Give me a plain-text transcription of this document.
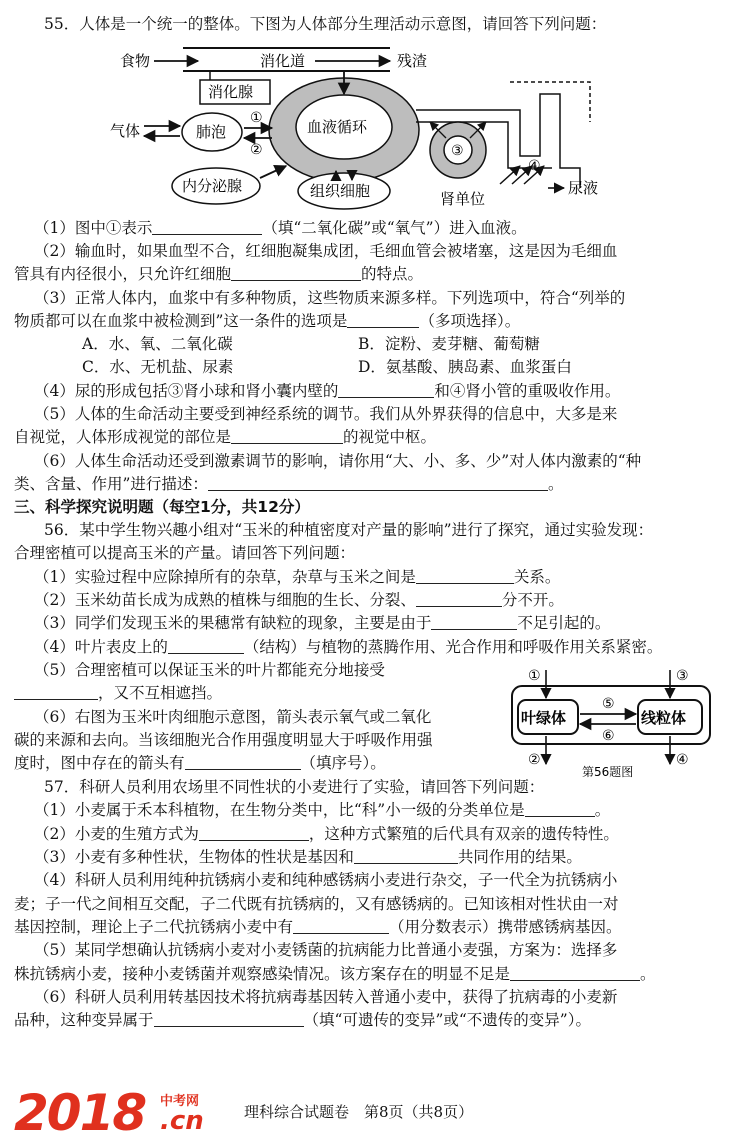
55．人体是一个统一的整体。下图为人体部分生理活动示意图，请回答下列问题：
食物	消化道	残渣
消化腺
血液循环
气体	肺泡
①
②
内分泌腺	组织细胞
③
④
肾单位
尿液
（1）图中①表示	（填“二氧化碳”或“氧气”）进入血液。
（2）输血时，如果血型不合，红细胞凝集成团，毛细血管会被堵塞，这是因为毛细血
管具有内径很小，只允许红细胞	的特点。
（3）正常人体内，血浆中有多种物质，这些物质来源多样。下列选项中，符合“列举的
物质都可以在血浆中被检测到”这一条件的选项是	（多项选择）。
A．水、氧、二氧化碳	B．淀粉、麦芽糖、葡萄糖
C．水、无机盐、尿素	D．氨基酸、胰岛素、血浆蛋白
（4）尿的形成包括③肾小球和肾小囊内壁的	和④肾小管的重吸收作用。
（5）人体的生命活动主要受到神经系统的调节。我们从外界获得的信息中，大多是来
自视觉，人体形成视觉的部位是	的视觉中枢。
（6）人体生命活动还受到激素调节的影响，请你用“大、小、多、少”对人体内激素的“种
类、含量、作用”进行描述：	。
三、科学探究说明题（每空1分，共12分）
56．某中学生物兴趣小组对“玉米的种植密度对产量的影响”进行了探究，通过实验发现：
合理密植可以提高玉米的产量。请回答下列问题：
（1）实验过程中应除掉所有的杂草，杂草与玉米之间是	关系。
（2）玉米幼苗长成为成熟的植株与细胞的生长、分裂、	分不开。
（3）同学们发现玉米的果穗常有缺粒的现象，主要是由于	不足引起的。
（4）叶片表皮上的	（结构）与植物的蒸腾作用、光合作用和呼吸作用关系紧密。
（5）合理密植可以保证玉米的叶片都能充分地接受
，又不互相遮挡。
（6）右图为玉米叶肉细胞示意图，箭头表示氧气或二氧化
碳的来源和去向。当该细胞光合作用强度明显大于呼吸作用强
度时，图中存在的箭头有	（填序号）。
叶绿体	线粒体
⑤
⑥
①
②
③
④
第56题图
57．科研人员利用农场里不同性状的小麦进行了实验，请回答下列问题：
（1）小麦属于禾本科植物，在生物分类中，比“科”小一级的分类单位是	。
（2）小麦的生殖方式为	，这种方式繁殖的后代具有双亲的遗传特性。
（3）小麦有多种性状，生物体的性状是基因和	共同作用的结果。
（4）科研人员利用纯种抗锈病小麦和纯种感锈病小麦进行杂交，子一代全为抗锈病小
麦；子一代之间相互交配，子二代既有抗锈病的，又有感锈病的。已知该相对性状由一对
基因控制，理论上子二代抗锈病小麦中有	（用分数表示）携带感锈病基因。
（5）某同学想确认抗锈病小麦对小麦锈菌的抗病能力比普通小麦强，方案为：选择多
株抗锈病小麦，接种小麦锈菌并观察感染情况。该方案存在的明显不足是	。
（6）科研人员利用转基因技术将抗病毒基因转入普通小麦中，获得了抗病毒的小麦新
品种，这种变异属于	（填“可遗传的变异”或“不遗传的变异”）。
2018 中考网
.cn	理科综合试题卷　第8页（共8页）
